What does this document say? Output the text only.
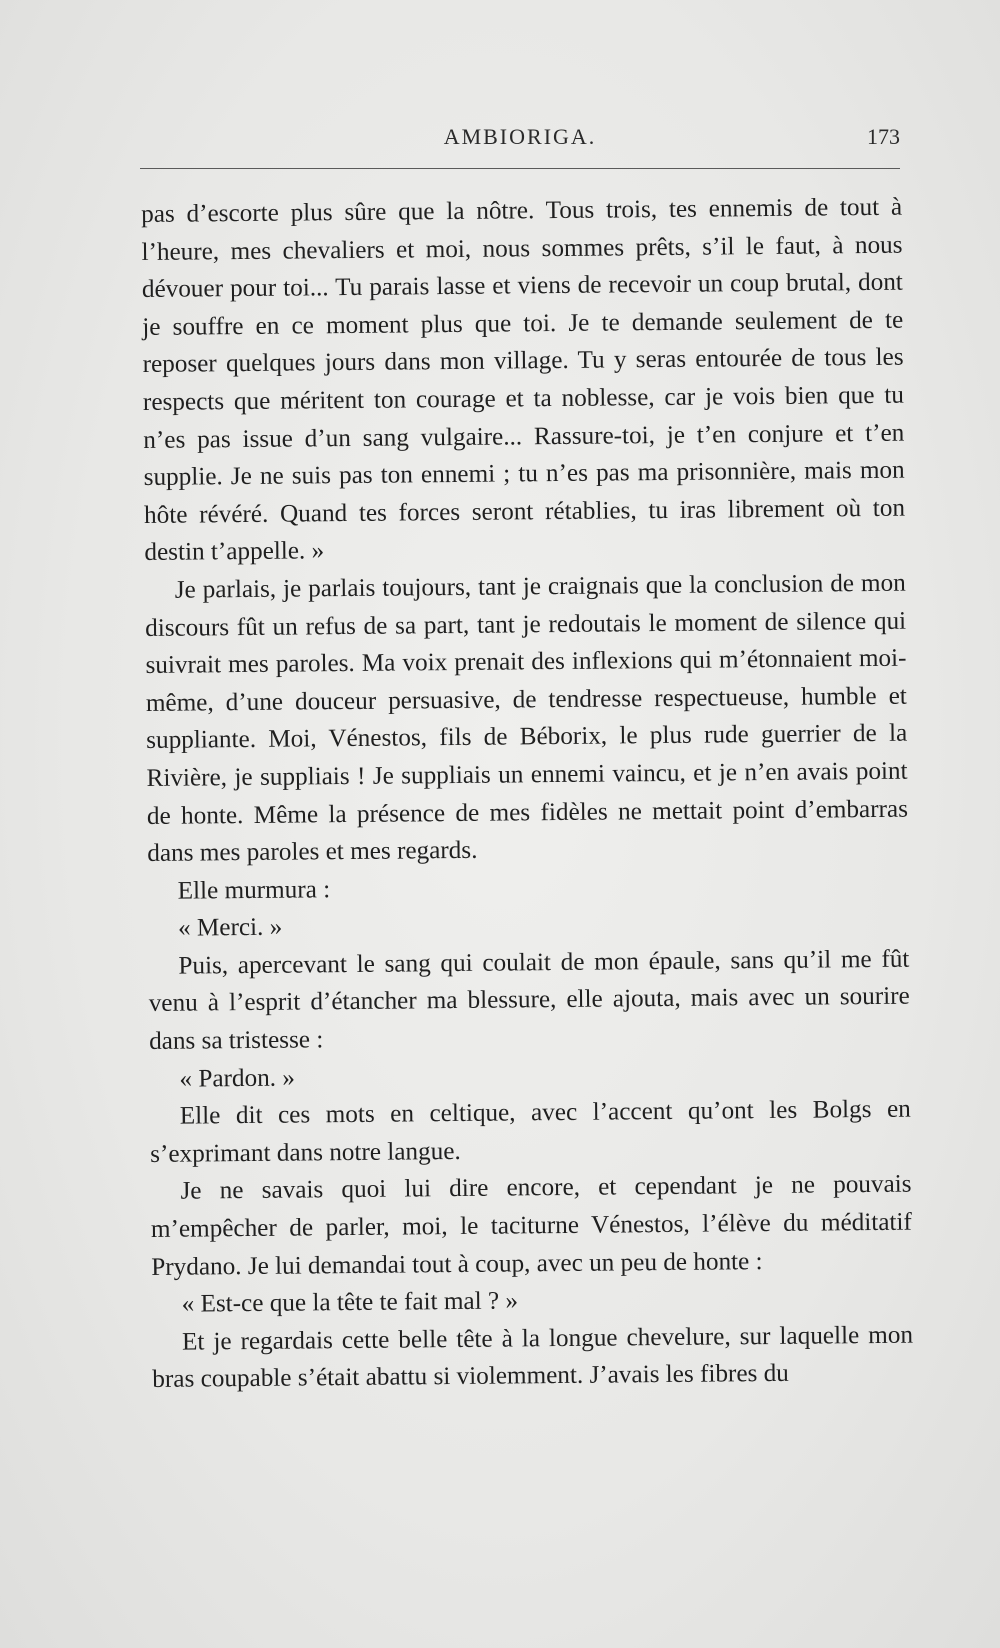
AMBIORIGA.	173

pas d’escorte plus sûre que la nôtre. Tous trois, tes ennemis de tout à l’heure, mes chevaliers et moi, nous sommes prêts, s’il le faut, à nous dévouer pour toi... Tu parais lasse et viens de recevoir un coup brutal, dont je souffre en ce moment plus que toi. Je te demande seulement de te reposer quelques jours dans mon village. Tu y seras entourée de tous les respects que méritent ton courage et ta noblesse, car je vois bien que tu n’es pas issue d’un sang vulgaire... Rassure-toi, je t’en conjure et t’en supplie. Je ne suis pas ton ennemi ; tu n’es pas ma prisonnière, mais mon hôte révéré. Quand tes forces seront rétablies, tu iras librement où ton destin t’appelle. »

Je parlais, je parlais toujours, tant je craignais que la conclusion de mon discours fût un refus de sa part, tant je redoutais le moment de silence qui suivrait mes paroles. Ma voix prenait des inflexions qui m’étonnaient moi-même, d’une douceur persuasive, de tendresse respectueuse, humble et suppliante. Moi, Vénestos, fils de Béborix, le plus rude guerrier de la Rivière, je suppliais ! Je suppliais un ennemi vaincu, et je n’en avais point de honte. Même la présence de mes fidèles ne mettait point d’embarras dans mes paroles et mes regards.

Elle murmura :

« Merci. »

Puis, apercevant le sang qui coulait de mon épaule, sans qu’il me fût venu à l’esprit d’étancher ma blessure, elle ajouta, mais avec un sourire dans sa tristesse :

« Pardon. »

Elle dit ces mots en celtique, avec l’accent qu’ont les Bolgs en s’exprimant dans notre langue.

Je ne savais quoi lui dire encore, et cependant je ne pouvais m’empêcher de parler, moi, le taciturne Vénestos, l’élève du méditatif Prydano. Je lui demandai tout à coup, avec un peu de honte :

« Est-ce que la tête te fait mal ? »

Et je regardais cette belle tête à la longue chevelure, sur laquelle mon bras coupable s’était abattu si violemment. J’avais les fibres du
